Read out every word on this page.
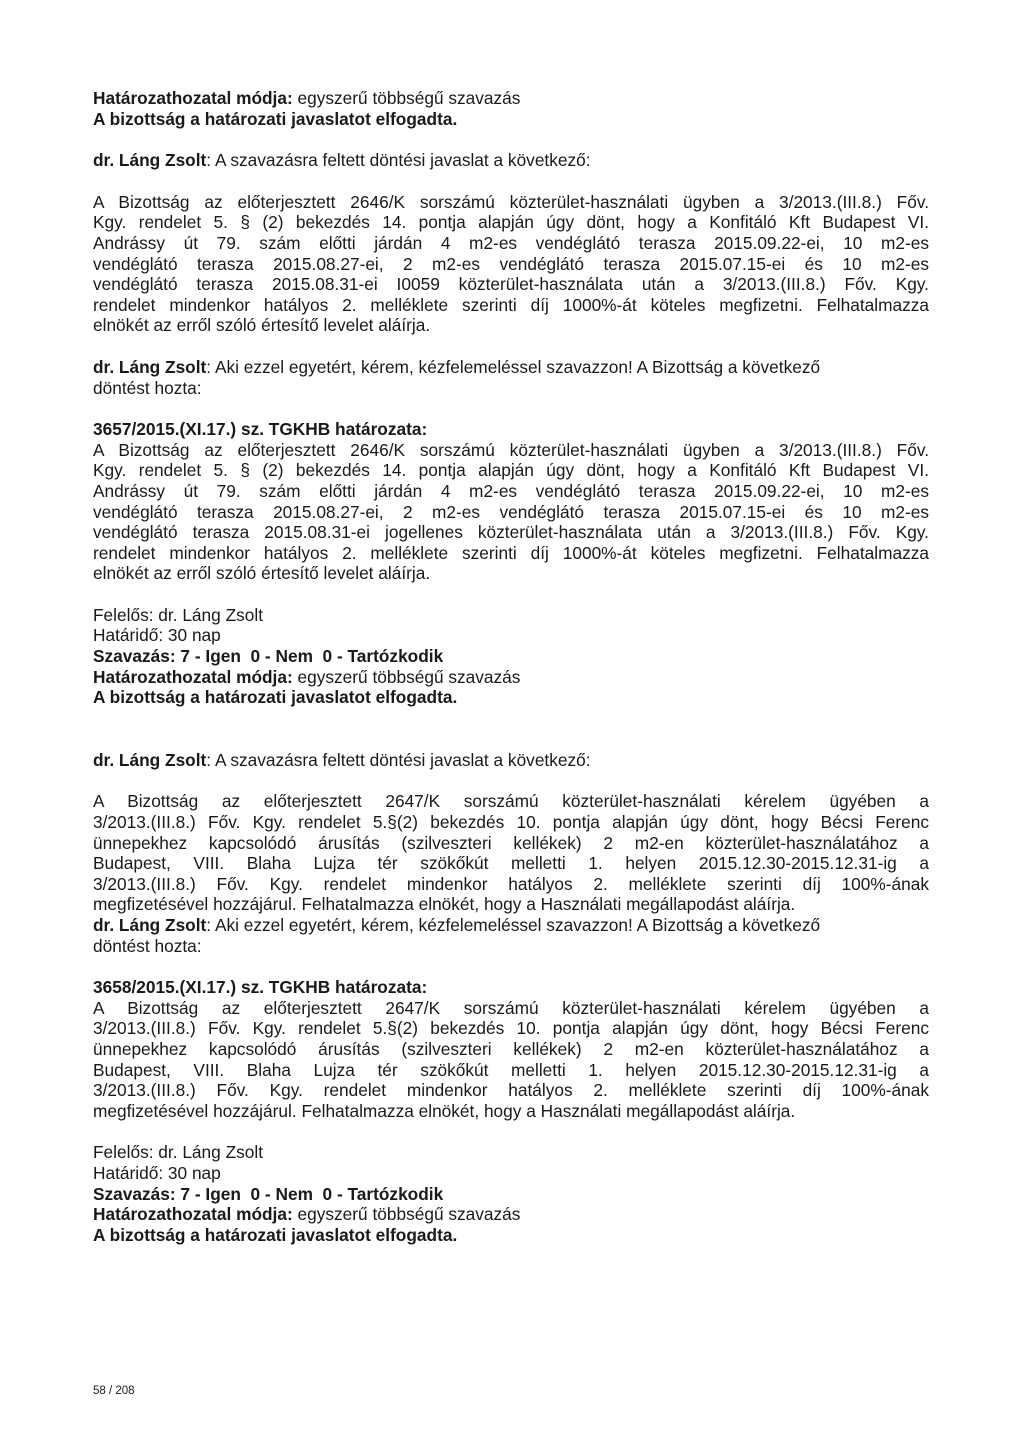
Határozathozatal módja: egyszerű többségű szavazás

A bizottság a határozati javaslatot elfogadta.

dr. Láng Zsolt: A szavazásra feltett döntési javaslat a következő:

A Bizottság az előterjesztett 2646/K sorszámú közterület-használati ügyben a 3/2013.(III.8.) Főv.

Kgy. rendelet 5. § (2) bekezdés 14. pontja alapján úgy dönt, hogy a Konfitáló Kft Budapest VI.

Andrássy út 79. szám előtti járdán 4 m2-es vendéglátó terasza 2015.09.22-ei, 10 m2-es

vendéglátó terasza 2015.08.27-ei, 2 m2-es vendéglátó terasza 2015.07.15-ei és 10 m2-es

vendéglátó terasza 2015.08.31-ei I0059 közterület-használata után a 3/2013.(III.8.) Főv. Kgy.

rendelet mindenkor hatályos 2. melléklete szerinti díj 1000%-át köteles megfizetni. Felhatalmazza

elnökét az erről szóló értesítő levelet aláírja.

dr. Láng Zsolt: Aki ezzel egyetért, kérem, kézfelemeléssel szavazzon! A Bizottság a következő

döntést hozta:

3657/2015.(XI.17.) sz. TGKHB határozata:

A Bizottság az előterjesztett 2646/K sorszámú közterület-használati ügyben a 3/2013.(III.8.) Főv.

Kgy. rendelet 5. § (2) bekezdés 14. pontja alapján úgy dönt, hogy a Konfitáló Kft Budapest VI.

Andrássy út 79. szám előtti járdán 4 m2-es vendéglátó terasza 2015.09.22-ei, 10 m2-es

vendéglátó terasza 2015.08.27-ei, 2 m2-es vendéglátó terasza 2015.07.15-ei és 10 m2-es

vendéglátó terasza 2015.08.31-ei jogellenes közterület-használata után a 3/2013.(III.8.) Főv. Kgy.

rendelet mindenkor hatályos 2. melléklete szerinti díj 1000%-át köteles megfizetni. Felhatalmazza

elnökét az erről szóló értesítő levelet aláírja.

Felelős: dr. Láng Zsolt

Határidő: 30 nap

Szavazás: 7 - Igen  0 - Nem  0 - Tartózkodik

Határozathozatal módja: egyszerű többségű szavazás

A bizottság a határozati javaslatot elfogadta.

dr. Láng Zsolt: A szavazásra feltett döntési javaslat a következő:

A Bizottság az előterjesztett 2647/K sorszámú közterület-használati kérelem ügyében a

3/2013.(III.8.) Főv. Kgy. rendelet 5.§(2) bekezdés 10. pontja alapján úgy dönt, hogy Bécsi Ferenc

ünnepekhez kapcsolódó árusítás (szilveszteri kellékek) 2 m2-en közterület-használatához a

Budapest, VIII. Blaha Lujza tér szökőkút melletti 1. helyen 2015.12.30-2015.12.31-ig a

3/2013.(III.8.) Főv. Kgy. rendelet mindenkor hatályos 2. melléklete szerinti díj 100%-ának

megfizetésével hozzájárul. Felhatalmazza elnökét, hogy a Használati megállapodást aláírja.

dr. Láng Zsolt: Aki ezzel egyetért, kérem, kézfelemeléssel szavazzon! A Bizottság a következő

döntést hozta:

3658/2015.(XI.17.) sz. TGKHB határozata:

A Bizottság az előterjesztett 2647/K sorszámú közterület-használati kérelem ügyében a

3/2013.(III.8.) Főv. Kgy. rendelet 5.§(2) bekezdés 10. pontja alapján úgy dönt, hogy Bécsi Ferenc

ünnepekhez kapcsolódó árusítás (szilveszteri kellékek) 2 m2-en közterület-használatához a

Budapest, VIII. Blaha Lujza tér szökőkút melletti 1. helyen 2015.12.30-2015.12.31-ig a

3/2013.(III.8.) Főv. Kgy. rendelet mindenkor hatályos 2. melléklete szerinti díj 100%-ának

megfizetésével hozzájárul. Felhatalmazza elnökét, hogy a Használati megállapodást aláírja.

Felelős: dr. Láng Zsolt

Határidő: 30 nap

Szavazás: 7 - Igen  0 - Nem  0 - Tartózkodik

Határozathozatal módja: egyszerű többségű szavazás

A bizottság a határozati javaslatot elfogadta.

58 / 208
